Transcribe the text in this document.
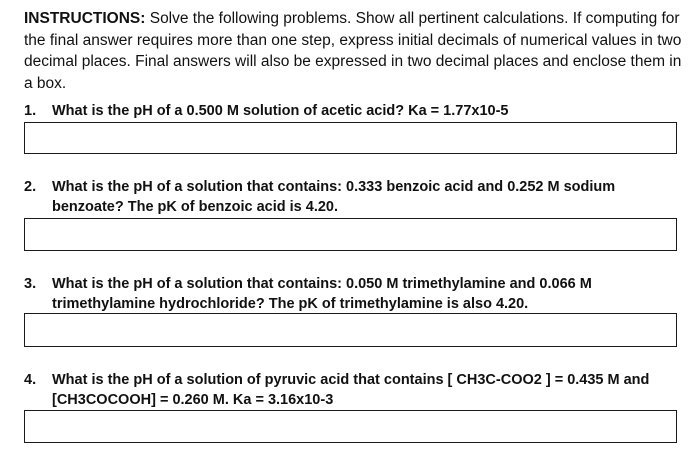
INSTRUCTIONS: Solve the following problems. Show all pertinent calculations. If computing for the final answer requires more than one step, express initial decimals of numerical values in two decimal places. Final answers will also be expressed in two decimal places and enclose them in a box.

1.	What is the pH of a 0.500 M solution of acetic acid? Ka = 1.77x10-5
2.	What is the pH of a solution that contains: 0.333 benzoic acid and 0.252 M sodium benzoate? The pK of benzoic acid is 4.20.
3.	What is the pH of a solution that contains: 0.050 M trimethylamine and 0.066 M trimethylamine hydrochloride? The pK of trimethylamine is also 4.20.
4.	What is the pH of a solution of pyruvic acid that contains [ CH3C-COO2 ] = 0.435 M and [CH3COCOOH] = 0.260 M. Ka = 3.16x10-3
